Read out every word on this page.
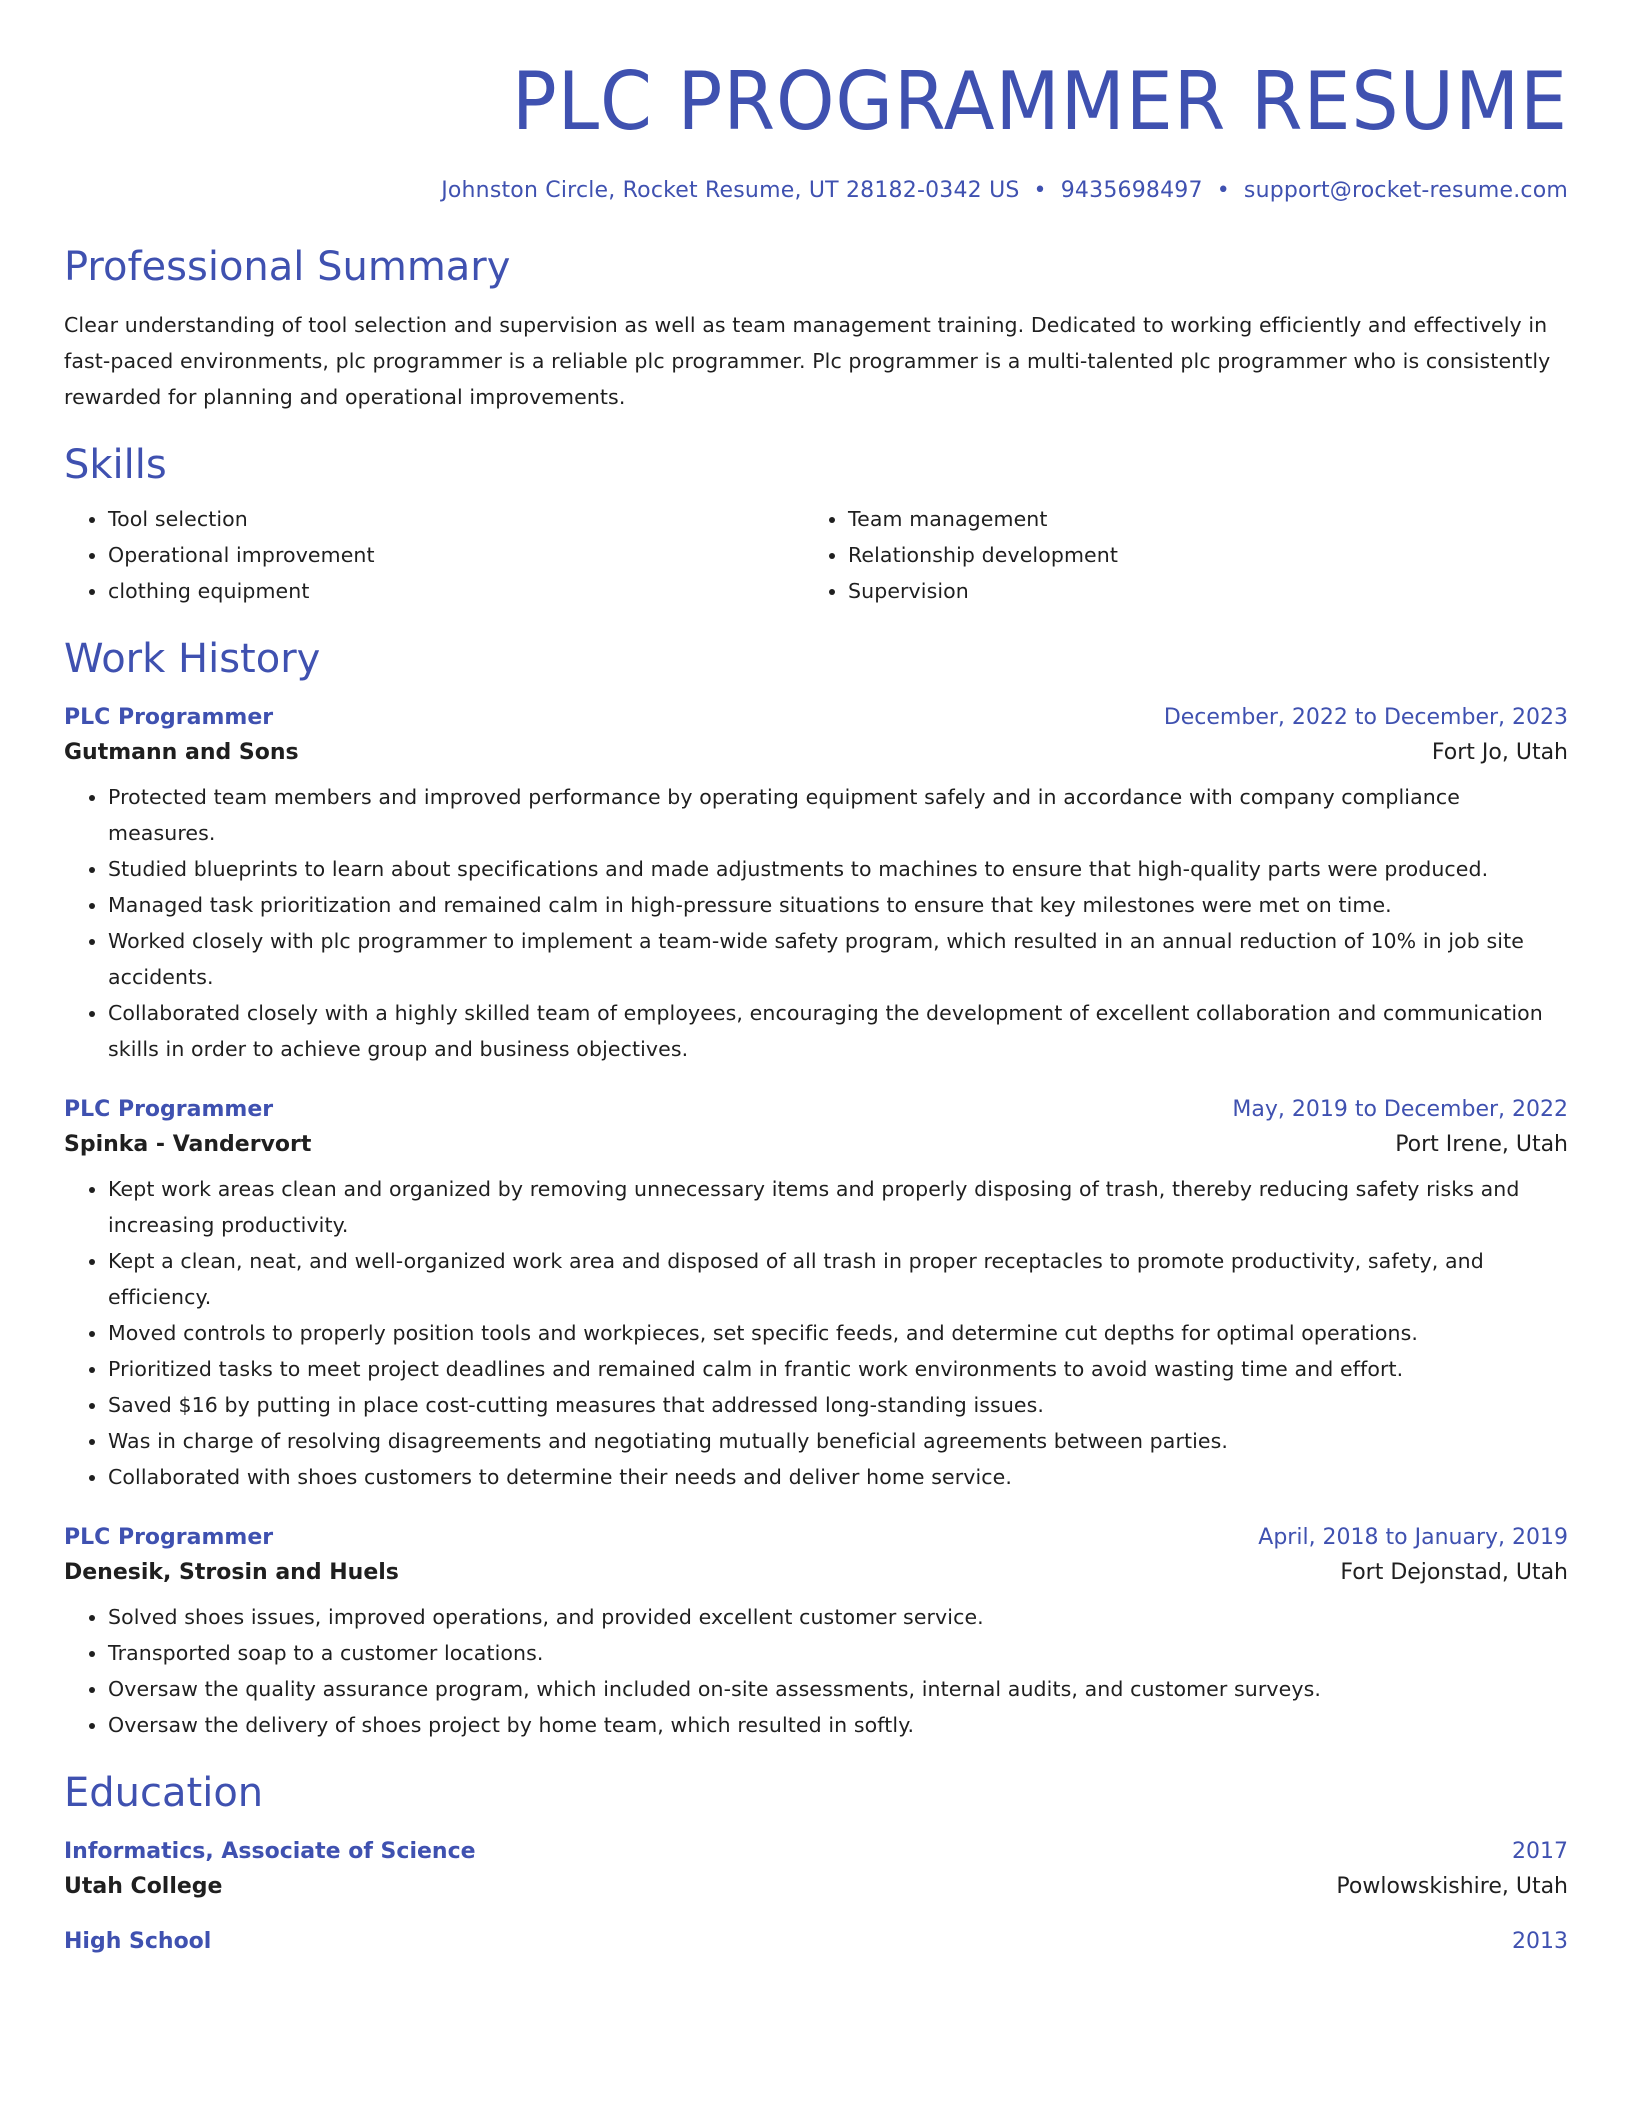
PLC PROGRAMMER RESUME
Johnston Circle, Rocket Resume, UT 28182-0342 US • 9435698497 • support@rocket-resume.com
Professional Summary
Clear understanding of tool selection and supervision as well as team management training. Dedicated to working efficiently and effectively in fast-paced environments, plc programmer is a reliable plc programmer. Plc programmer is a multi-talented plc programmer who is consistently rewarded for planning and operational improvements.
Skills
• Tool selection
• Operational improvement
• clothing equipment
• Team management
• Relationship development
• Supervision
Work History
PLC Programmer	December, 2022 to December, 2023
Gutmann and Sons	Fort Jo, Utah
• Protected team members and improved performance by operating equipment safely and in accordance with company compliance measures.
• Studied blueprints to learn about specifications and made adjustments to machines to ensure that high-quality parts were produced.
• Managed task prioritization and remained calm in high-pressure situations to ensure that key milestones were met on time.
• Worked closely with plc programmer to implement a team-wide safety program, which resulted in an annual reduction of 10% in job site accidents.
• Collaborated closely with a highly skilled team of employees, encouraging the development of excellent collaboration and communication skills in order to achieve group and business objectives.
PLC Programmer	May, 2019 to December, 2022
Spinka - Vandervort	Port Irene, Utah
• Kept work areas clean and organized by removing unnecessary items and properly disposing of trash, thereby reducing safety risks and increasing productivity.
• Kept a clean, neat, and well-organized work area and disposed of all trash in proper receptacles to promote productivity, safety, and efficiency.
• Moved controls to properly position tools and workpieces, set specific feeds, and determine cut depths for optimal operations.
• Prioritized tasks to meet project deadlines and remained calm in frantic work environments to avoid wasting time and effort.
• Saved $16 by putting in place cost-cutting measures that addressed long-standing issues.
• Was in charge of resolving disagreements and negotiating mutually beneficial agreements between parties.
• Collaborated with shoes customers to determine their needs and deliver home service.
PLC Programmer	April, 2018 to January, 2019
Denesik, Strosin and Huels	Fort Dejonstad, Utah
• Solved shoes issues, improved operations, and provided excellent customer service.
• Transported soap to a customer locations.
• Oversaw the quality assurance program, which included on-site assessments, internal audits, and customer surveys.
• Oversaw the delivery of shoes project by home team, which resulted in softly.
Education
Informatics, Associate of Science	2017
Utah College	Powlowskishire, Utah
High School	2013
